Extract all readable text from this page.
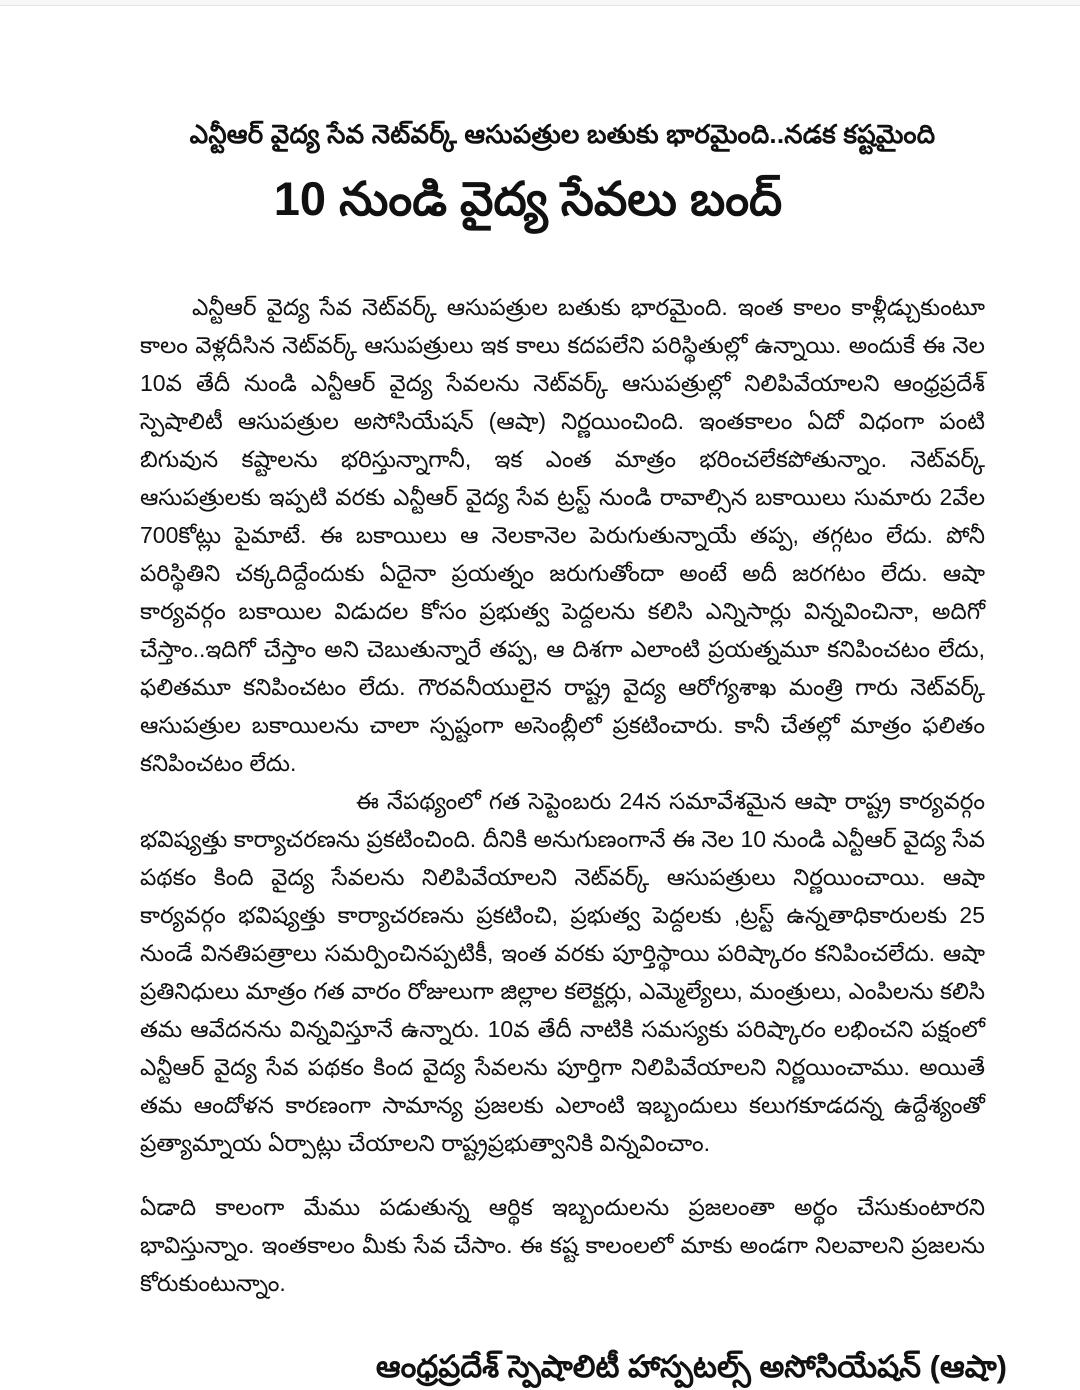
ఎన్టీఆర్ వైద్య సేవ నెట్‌వర్క్ ఆసుపత్రుల బతుకు భారమైంది..నడక కష్టమైంది
10 నుండి వైద్య సేవలు బంద్

ఎన్టీఆర్ వైద్య సేవ నెట్‌వర్క్ ఆసుపత్రుల బతుకు భారమైంది. ఇంత కాలం కాళ్లీడ్చుకుంటూ కాలం వెళ్లదీసిన నెట్‌వర్క్ ఆసుపత్రులు ఇక కాలు కదపలేని పరిస్థితుల్లో ఉన్నాయి. అందుకే ఈ నెల 10వ తేదీ నుండి ఎన్టీఆర్ వైద్య సేవలను నెట్‌వర్క్ ఆసుపత్రుల్లో నిలిపివేయాలని ఆంధ్రప్రదేశ్ స్పెషాలిటీ ఆసుపత్రుల అసోసియేషన్ (ఆషా) నిర్ణయించింది. ఇంతకాలం ఏదో విధంగా పంటి బిగువున కష్టాలను భరిస్తున్నాగానీ, ఇక ఎంత మాత్రం భరించలేకపోతున్నాం. నెట్‌వర్క్ ఆసుపత్రులకు ఇప్పటి వరకు ఎన్టీఆర్ వైద్య సేవ ట్రస్ట్ నుండి రావాల్సిన బకాయిలు సుమారు 2వేల 700కోట్లు పైమాటే. ఈ బకాయిలు ఆ నెలకానెల పెరుగుతున్నాయే తప్ప, తగ్గటం లేదు. పోనీ పరిస్థితిని చక్కదిద్దేందుకు ఏదైనా ప్రయత్నం జరుగుతోందా అంటే అదీ జరగటం లేదు. ఆషా కార్యవర్గం బకాయిల విడుదల కోసం ప్రభుత్వ పెద్దలను కలిసి ఎన్నిసార్లు విన్నవించినా, అదిగో చేస్తాం..ఇదిగో చేస్తాం అని చెబుతున్నారే తప్ప, ఆ దిశగా ఎలాంటి ప్రయత్నమూ కనిపించటం లేదు, ఫలితమూ కనిపించటం లేదు. గౌరవనీయులైన రాష్ట్ర వైద్య ఆరోగ్యశాఖ మంత్రి గారు నెట్‌వర్క్ ఆసుపత్రుల బకాయిలను చాలా స్పష్టంగా అసెంబ్లీలో ప్రకటించారు. కానీ చేతల్లో మాత్రం ఫలితం కనిపించటం లేదు.

ఈ నేపథ్యంలో గత సెప్టెంబరు 24న సమావేశమైన ఆషా రాష్ట్ర కార్యవర్గం భవిష్యత్తు కార్యాచరణను ప్రకటించింది. దీనికి అనుగుణంగానే ఈ నెల 10 నుండి ఎన్టీఆర్ వైద్య సేవ పథకం కింది వైద్య సేవలను నిలిపివేయాలని నెట్‌వర్క్ ఆసుపత్రులు నిర్ణయించాయి. ఆషా కార్యవర్గం భవిష్యత్తు కార్యాచరణను ప్రకటించి, ప్రభుత్వ పెద్దలకు ,ట్రస్ట్ ఉన్నతాధికారులకు 25 నుండే వినతిపత్రాలు సమర్పించినప్పటికీ, ఇంత వరకు పూర్తిస్థాయి పరిష్కారం కనిపించలేదు. ఆషా ప్రతినిధులు మాత్రం గత వారం రోజులుగా జిల్లాల కలెక్టర్లు, ఎమ్మెల్యేలు, మంత్రులు, ఎంపిలను కలిసి తమ ఆవేదనను విన్నవిస్తూనే ఉన్నారు. 10వ తేదీ నాటికి సమస్యకు పరిష్కారం లభించని పక్షంలో ఎన్టీఆర్ వైద్య సేవ పథకం కింద వైద్య సేవలను పూర్తిగా నిలిపివేయాలని నిర్ణయించాము. అయితే తమ ఆందోళన కారణంగా సామాన్య ప్రజలకు ఎలాంటి ఇబ్బందులు కలుగకూడదన్న ఉద్దేశ్యంతో ప్రత్యామ్నాయ ఏర్పాట్లు చేయాలని రాష్ట్రప్రభుత్వానికి విన్నవించాం.

ఏడాది కాలంగా మేము పడుతున్న ఆర్థిక ఇబ్బందులను ప్రజలంతా అర్థం చేసుకుంటారని భావిస్తున్నాం. ఇంతకాలం మీకు సేవ చేసాం. ఈ కష్ట కాలంలలో మాకు అండగా నిలవాలని ప్రజలను కోరుకుంటున్నాం.

ఆంధ్రప్రదేశ్ స్పెషాలిటీ హాస్పటల్స్ అసోసియేషన్ (ఆషా)
